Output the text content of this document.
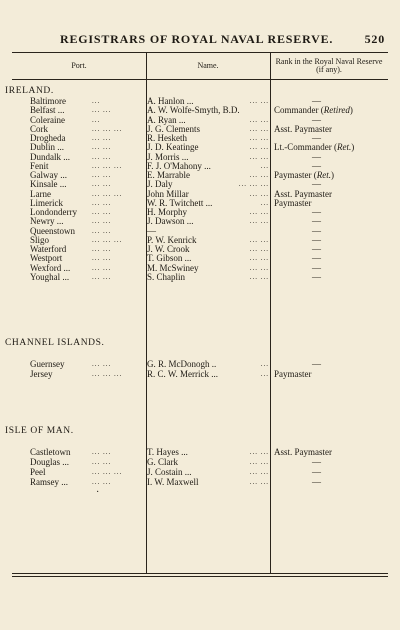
REGISTRARS OF ROYAL NAVAL RESERVE.	520
Port.	Name.	Rank in the Royal Naval Reserve (if any).
·
IRELAND.
Baltimore	...	A. Hanlon ...	... ...	—
Belfast ...	... ...	A. W. Wolfe-Smyth, B.D.	Commander (Retired)
Coleraine	...	A. Ryan ...	... ...	—
Cork	... ... ...	J. G. Clements	... ... Asst. Paymaster
Drogheda	... ...	R. Hesketh	... ...	—
Dublin ...	... ...	J. D. Keatinge	... ... Lt.-Commander (Ret.)
Dundalk ...	... ...	J. Morris ...	... ...	—
Fenit	... ... ...	F. J. O'Mahony ...	...	—
Galway ...	... ...	E. Marrable	... ... Paymaster (Ret.)
Kinsale ...	... ...	J. Daly	... ... ...	—
Larne	... ... ...	John Millar	... ... Asst. Paymaster
Limerick	... ...	W. R. Twitchett ...	... Paymaster
Londonderry ... ...	H. Morphy	... ...	—
Newry ...	... ...	J. Dawson ...	... ...	—
Queenstown ... ...	—	—
Sligo	... ... ...	P. W. Kenrick	... ...	—
Waterford	... ...	J. W. Crook	... ...	—
Westport	... ...	T. Gibson ...	... ...	—
Wexford ...	... ...	M. McSwiney	... ...	—
Youghal ...	... ...	S. Chaplin	... ...	—
CHANNEL ISLANDS.
Guernsey	... ...	G. R. McDonogh ..	...	—
Jersey	... ... ...	R. C. W. Merrick ...	... Paymaster
ISLE OF MAN.
Castletown	... ...	T. Hayes ...	... ... Asst. Paymaster
Douglas ...	... ...	G. Clark	... ...	—
Peel	... ... ...	J. Costain ...	... ...	—
Ramsey ...	... ...	I. W. Maxwell	... ...	—
